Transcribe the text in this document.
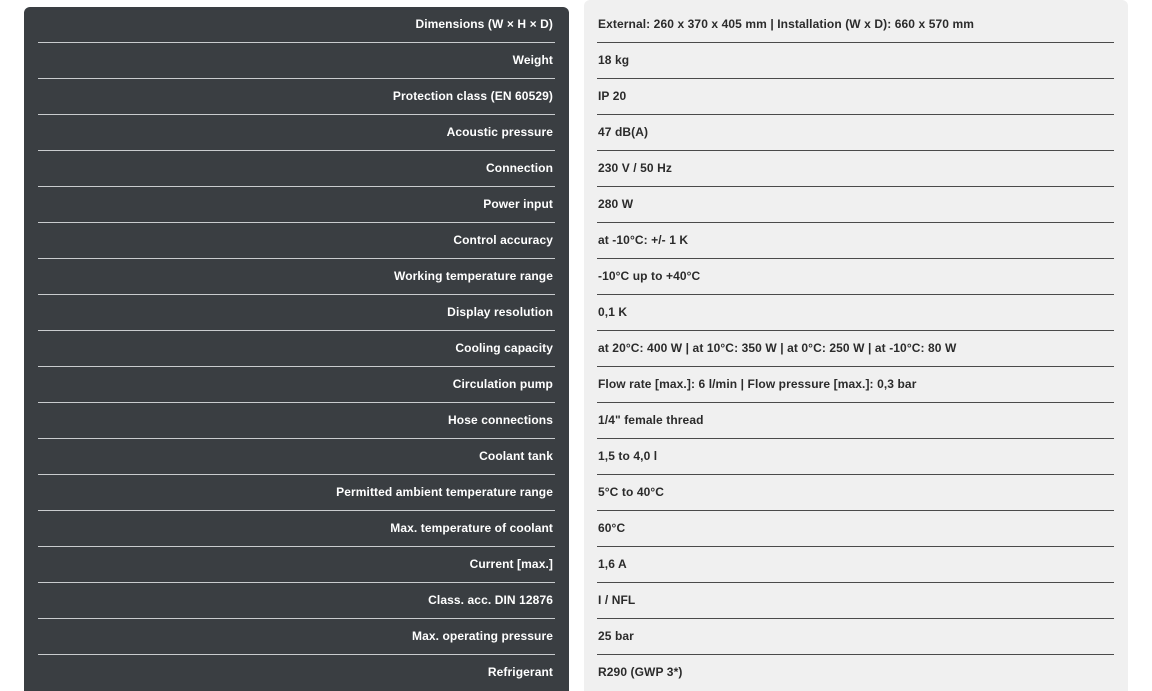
Dimensions (W × H × D)
Weight
Protection class (EN 60529)
Acoustic pressure
Connection
Power input
Control accuracy
Working temperature range
Display resolution
Cooling capacity
Circulation pump
Hose connections
Coolant tank
Permitted ambient temperature range
Max. temperature of coolant
Current [max.]
Class. acc. DIN 12876
Max. operating pressure
Refrigerant
External: 260 x 370 x 405 mm | Installation (W x D): 660 x 570 mm
18 kg
IP 20
47 dB(A)
230 V / 50 Hz
280 W
at -10°C: +/- 1 K
-10°C up to +40°C
0,1 K
at 20°C: 400 W | at 10°C: 350 W | at 0°C: 250 W | at -10°C: 80 W
Flow rate [max.]: 6 l/min | Flow pressure [max.]: 0,3 bar
1/4" female thread
1,5 to 4,0 l
5°C to 40°C
60°C
1,6 A
I / NFL
25 bar
R290 (GWP 3*)
